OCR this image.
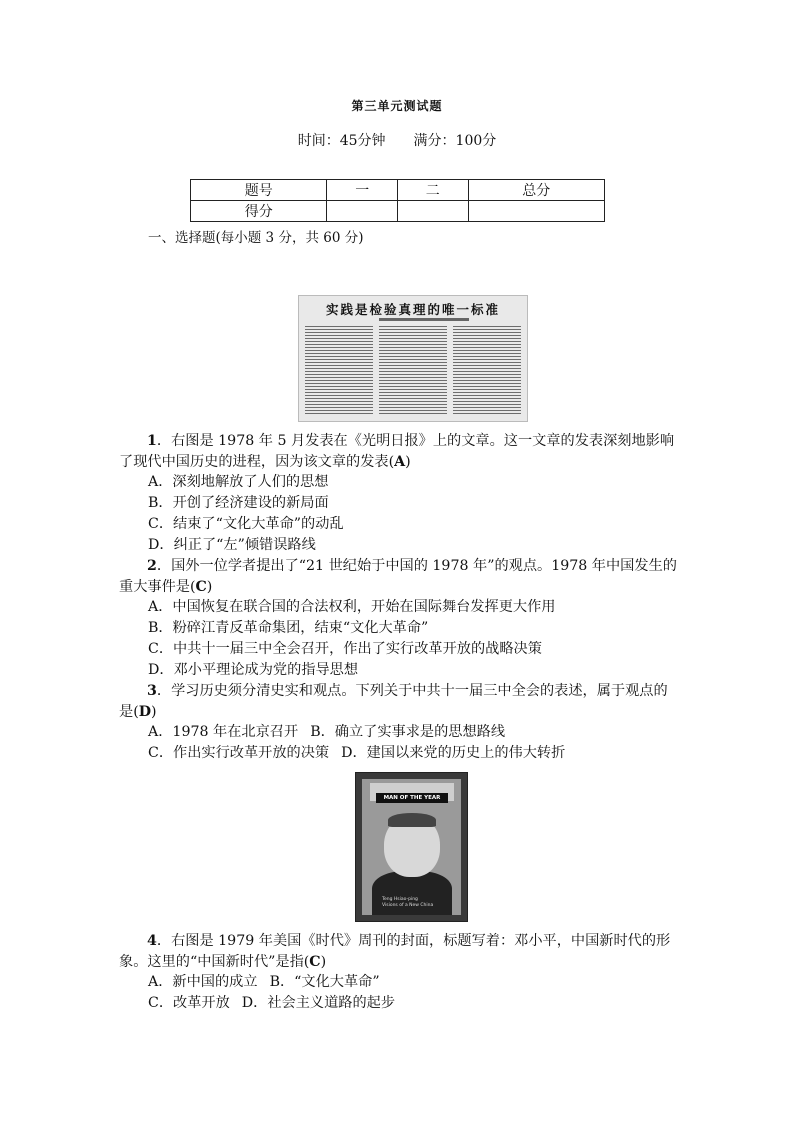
第三单元测试题
时间：45分钟 满分：100分
题号	一	二	总分
得分			
一、选择题(每小题 3 分，共 60 分)
实践是检验真理的唯一标准
1．右图是 1978 年 5 月发表在《光明日报》上的文章。这一文章的发表深刻地影响了现代中国历史的进程，因为该文章的发表(A)
A．深刻地解放了人们的思想
B．开创了经济建设的新局面
C．结束了“文化大革命”的动乱
D．纠正了“左”倾错误路线
2．国外一位学者提出了“21 世纪始于中国的 1978 年”的观点。1978 年中国发生的重大事件是(C)
A．中国恢复在联合国的合法权利，开始在国际舞台发挥更大作用
B．粉碎江青反革命集团，结束“文化大革命”
C．中共十一届三中全会召开，作出了实行改革开放的战略决策
D．邓小平理论成为党的指导思想
3．学习历史须分清史实和观点。下列关于中共十一届三中全会的表述，属于观点的是(D)
A．1978 年在北京召开 B．确立了实事求是的思想路线
C．作出实行改革开放的决策 D．建国以来党的历史上的伟大转折
MAN OF THE YEAR
Teng Hsiao-ping
Visions of a New China
4．右图是 1979 年美国《时代》周刊的封面，标题写着：邓小平，中国新时代的形象。这里的“中国新时代”是指(C)
A．新中国的成立 B．“文化大革命”
C．改革开放 D．社会主义道路的起步
